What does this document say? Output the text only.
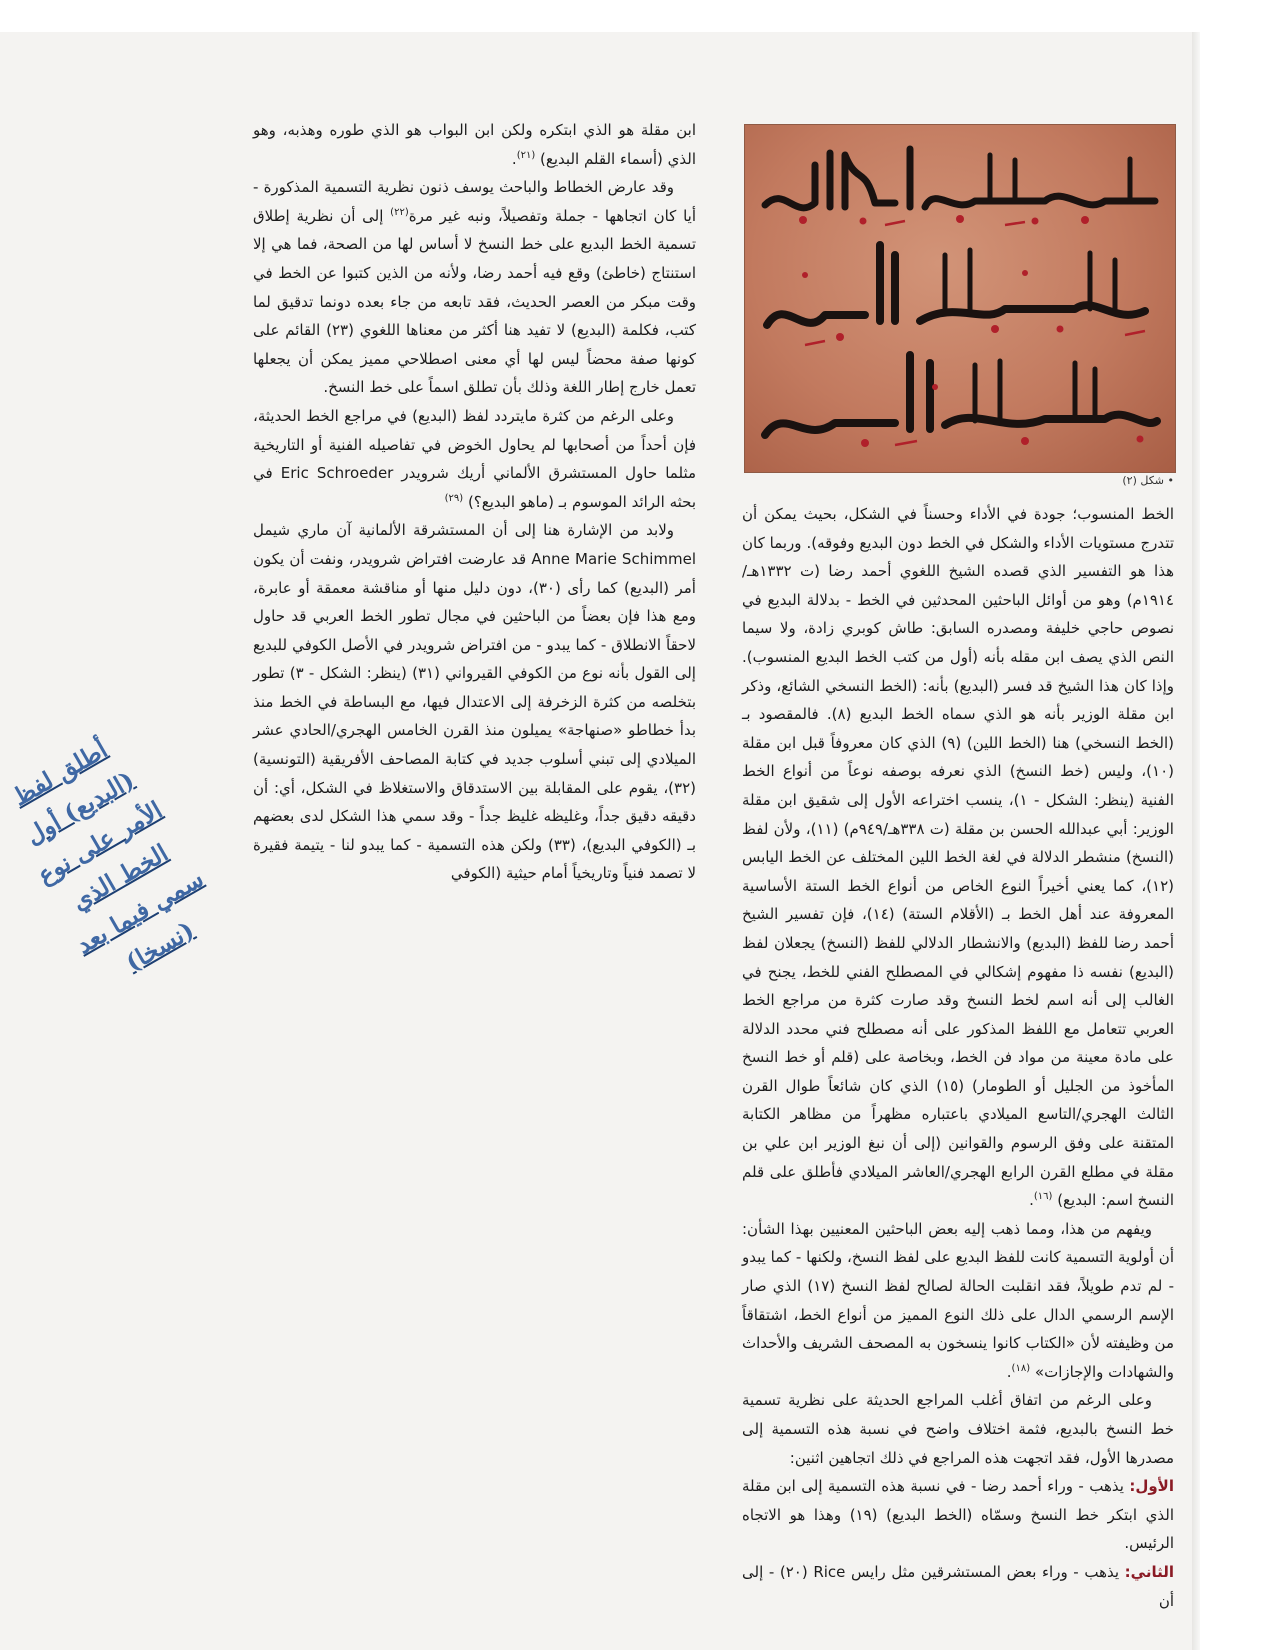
• شكل (٢)
أطلق لفظ (البديع) أول الأمر على نوع الخط الذي سمي فيما بعد (نسخا)

ابن مقلة هو الذي ابتكره ولكن ابن البواب هو الذي طوره وهذبه، وهو الذي (أسماء القلم البديع) $^{(٢١)}$.

وقد عارض الخطاط والباحث يوسف ذنون نظرية التسمية المذكورة - أيا كان اتجاهها - جملة وتفصيلاً، ونبه غير مرة$^{(٢٢)}$ إلى أن نظرية إطلاق تسمية الخط البديع على خط النسخ لا أساس لها من الصحة، فما هي إلا استنتاج (خاطئ) وقع فيه أحمد رضا، ولأنه من الذين كتبوا عن الخط في وقت مبكر من العصر الحديث، فقد تابعه من جاء بعده دونما تدقيق لما كتب، فكلمة (البديع) لا تفيد هنا أكثر من معناها اللغوي (٢٣) القائم على كونها صفة محضاً ليس لها أي معنى اصطلاحي مميز يمكن أن يجعلها تعمل خارج إطار اللغة وذلك بأن تطلق اسماً على خط النسخ.

وعلى الرغم من كثرة مايتردد لفظ (البديع) في مراجع الخط الحديثة، فإن أحداً من أصحابها لم يحاول الخوض في تفاصيله الفنية أو التاريخية مثلما حاول المستشرق الألماني أريك شرويدر Eric Schroeder في بحثه الرائد الموسوم بـ (ماهو البديع؟) $^{(٢٩)}$

ولابد من الإشارة هنا إلى أن المستشرقة الألمانية آن ماري شيمل Anne Marie Schimmel قد عارضت افتراض شرويدر، ونفت أن يكون أمر (البديع) كما رأى (٣٠)، دون دليل منها أو مناقشة معمقة أو عابرة، ومع هذا فإن بعضاً من الباحثين في مجال تطور الخط العربي قد حاول لاحقاً الانطلاق - كما يبدو - من افتراض شرويدر في الأصل الكوفي للبديع إلى القول بأنه نوع من الكوفي القيرواني (٣١) (ينظر: الشكل - ٣) تطور بتخلصه من كثرة الزخرفة إلى الاعتدال فيها، مع البساطة في الخط منذ بدأ خطاطو «صنهاجة» يميلون منذ القرن الخامس الهجري/الحادي عشر الميلادي إلى تبني أسلوب جديد في كتابة المصاحف الأفريقية (التونسية) (٣٢)، يقوم على المقابلة بين الاستدقاق والاستغلاظ في الشكل، أي: أن دقيقه دقيق جداً، وغليظه غليظ جداً - وقد سمي هذا الشكل لدى بعضهم بـ (الكوفي البديع)، (٣٣) ولكن هذه التسمية - كما يبدو لنا - يتيمة فقيرة لا تصمد فنياً وتاريخياً أمام حيثية (الكوفي

الخط المنسوب؛ جودة في الأداء وحسناً في الشكل، بحيث يمكن أن تتدرج مستويات الأداء والشكل في الخط دون البديع وفوقه). وربما كان هذا هو التفسير الذي قصده الشيخ اللغوي أحمد رضا (ت ١٣٣٢هـ/١٩١٤م) وهو من أوائل الباحثين المحدثين في الخط - بدلالة البديع في نصوص حاجي خليفة ومصدره السابق: طاش كوبري زادة، ولا سيما النص الذي يصف ابن مقله بأنه (أول من كتب الخط البديع المنسوب). وإذا كان هذا الشيخ قد فسر (البديع) بأنه: (الخط النسخي الشائع، وذكر ابن مقلة الوزير بأنه هو الذي سماه الخط البديع (٨). فالمقصود بـ (الخط النسخي) هنا (الخط اللين) (٩) الذي كان معروفاً قبل ابن مقلة (١٠)، وليس (خط النسخ) الذي نعرفه بوصفه نوعاً من أنواع الخط الفنية (ينظر: الشكل - ١)، ينسب اختراعه الأول إلى شقيق ابن مقلة الوزير: أبي عبدالله الحسن بن مقلة (ت ٣٣٨هـ/٩٤٩م) (١١)، ولأن لفظ (النسخ) منشطر الدلالة في لغة الخط اللين المختلف عن الخط اليابس (١٢)، كما يعني أخيراً النوع الخاص من أنواع الخط الستة الأساسية المعروفة عند أهل الخط بـ (الأقلام الستة) (١٤)، فإن تفسير الشيخ أحمد رضا للفظ (البديع) والانشطار الدلالي للفظ (النسخ) يجعلان لفظ (البديع) نفسه ذا مفهوم إشكالي في المصطلح الفني للخط، يجنح في الغالب إلى أنه اسم لخط النسخ وقد صارت كثرة من مراجع الخط العربي تتعامل مع اللفظ المذكور على أنه مصطلح فني محدد الدلالة على مادة معينة من مواد فن الخط، وبخاصة على (قلم أو خط النسخ المأخوذ من الجليل أو الطومار) (١٥) الذي كان شائعاً طوال القرن الثالث الهجري/التاسع الميلادي باعتباره مظهراً من مظاهر الكتابة المتقنة على وفق الرسوم والقوانين (إلى أن نبغ الوزير ابن علي بن مقلة في مطلع القرن الرابع الهجري/العاشر الميلادي فأطلق على قلم النسخ اسم: البديع) $^{(١٦)}$.

ويفهم من هذا، ومما ذهب إليه بعض الباحثين المعنيين بهذا الشأن: أن أولوية التسمية كانت للفظ البديع على لفظ النسخ، ولكنها - كما يبدو - لم تدم طويلاً، فقد انقلبت الحالة لصالح لفظ النسخ (١٧) الذي صار الإسم الرسمي الدال على ذلك النوع المميز من أنواع الخط، اشتقاقاً من وظيفته لأن «الكتاب كانوا ينسخون به المصحف الشريف والأحداث والشهادات والإجازات» $^{(١٨)}$.

وعلى الرغم من اتفاق أغلب المراجع الحديثة على نظرية تسمية خط النسخ بالبديع، فثمة اختلاف واضح في نسبة هذه التسمية إلى مصدرها الأول، فقد اتجهت هذه المراجع في ذلك اتجاهين اثنين:

الأول: يذهب - وراء أحمد رضا - في نسبة هذه التسمية إلى ابن مقلة الذي ابتكر خط النسخ وسمّاه (الخط البديع) (١٩) وهذا هو الاتجاه الرئيس.

الثاني: يذهب - وراء بعض المستشرقين مثل رايس Rice (٢٠) - إلى أن
